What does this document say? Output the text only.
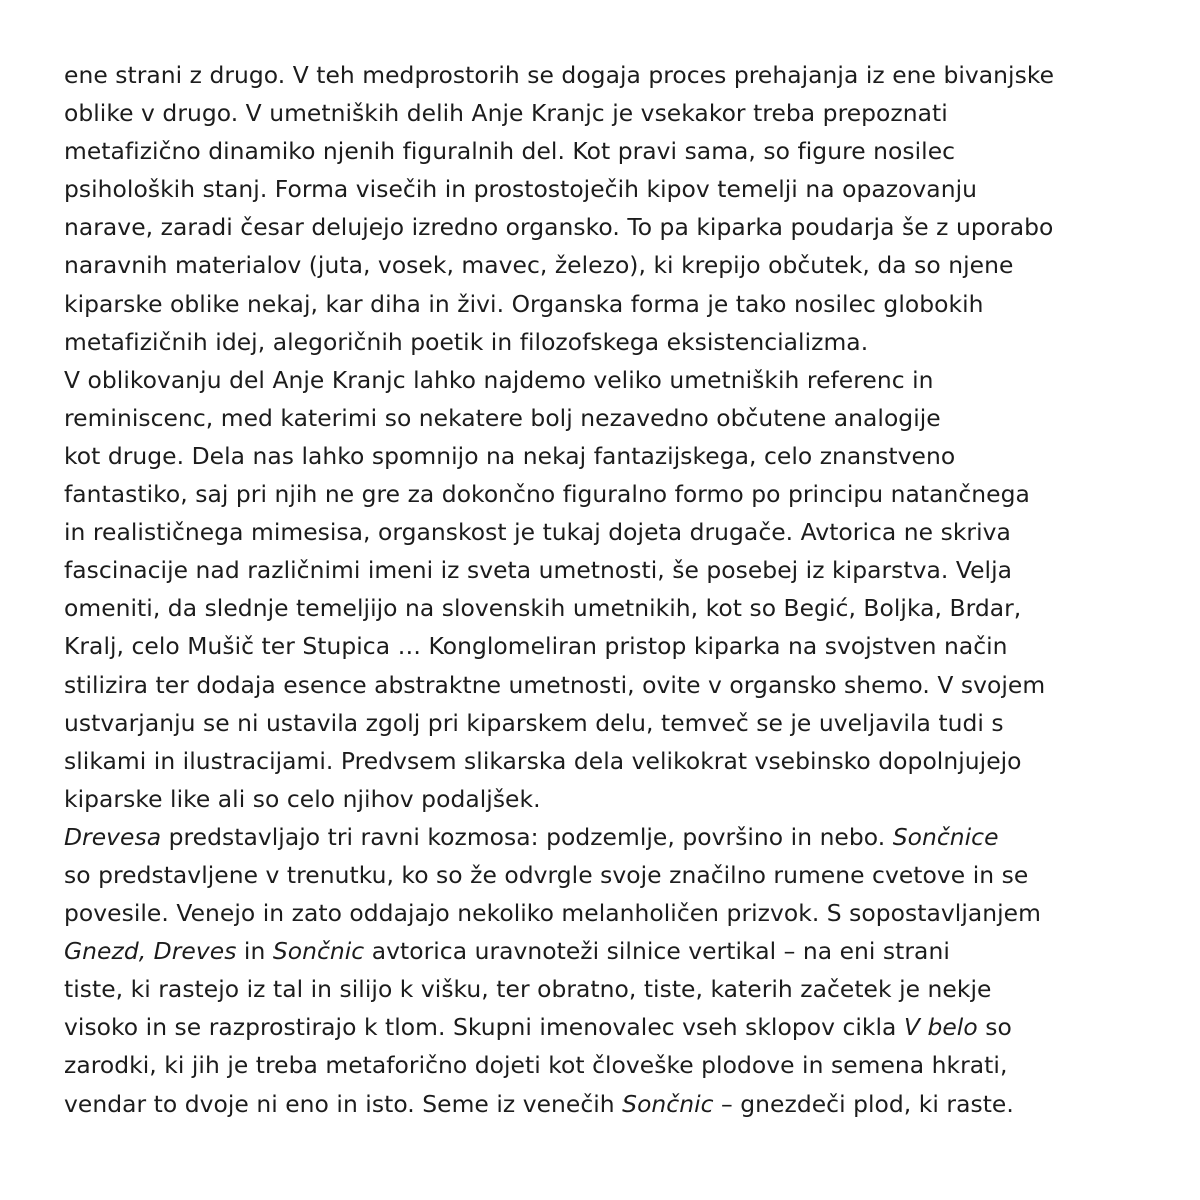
ene strani z drugo. V teh medprostorih se dogaja proces prehajanja iz ene bivanjske
oblike v drugo. V umetniških delih Anje Kranjc je vsekakor treba prepoznati
metafizično dinamiko njenih figuralnih del. Kot pravi sama, so figure nosilec
psiholoških stanj. Forma visečih in prostostoječih kipov temelji na opazovanju
narave, zaradi česar delujejo izredno organsko. To pa kiparka poudarja še z uporabo
naravnih materialov (juta, vosek, mavec, železo), ki krepijo občutek, da so njene
kiparske oblike nekaj, kar diha in živi. Organska forma je tako nosilec globokih
metafizičnih idej, alegoričnih poetik in filozofskega eksistencializma.
V oblikovanju del Anje Kranjc lahko najdemo veliko umetniških referenc in
reminiscenc, med katerimi so nekatere bolj nezavedno občutene analogije
kot druge. Dela nas lahko spomnijo na nekaj fantazijskega, celo znanstveno
fantastiko, saj pri njih ne gre za dokončno figuralno formo po principu natančnega
in realističnega mimesisa, organskost je tukaj dojeta drugače. Avtorica ne skriva
fascinacije nad različnimi imeni iz sveta umetnosti, še posebej iz kiparstva. Velja
omeniti, da slednje temeljijo na slovenskih umetnikih, kot so Begić, Boljka, Brdar,
Kralj, celo Mušič ter Stupica … Konglomeliran pristop kiparka na svojstven način
stilizira ter dodaja esence abstraktne umetnosti, ovite v organsko shemo. V svojem
ustvarjanju se ni ustavila zgolj pri kiparskem delu, temveč se je uveljavila tudi s
slikami in ilustracijami. Predvsem slikarska dela velikokrat vsebinsko dopolnjujejo
kiparske like ali so celo njihov podaljšek.
Drevesa predstavljajo tri ravni kozmosa: podzemlje, površino in nebo. Sončnice
so predstavljene v trenutku, ko so že odvrgle svoje značilno rumene cvetove in se
povesile. Venejo in zato oddajajo nekoliko melanholičen prizvok. S sopostavljanjem
Gnezd, Dreves in Sončnic avtorica uravnoteži silnice vertikal – na eni strani
tiste, ki rastejo iz tal in silijo k višku, ter obratno, tiste, katerih začetek je nekje
visoko in se razprostirajo k tlom. Skupni imenovalec vseh sklopov cikla V belo so
zarodki, ki jih je treba metaforično dojeti kot človeške plodove in semena hkrati,
vendar to dvoje ni eno in isto. Seme iz venečih Sončnic – gnezdeči plod, ki raste.
